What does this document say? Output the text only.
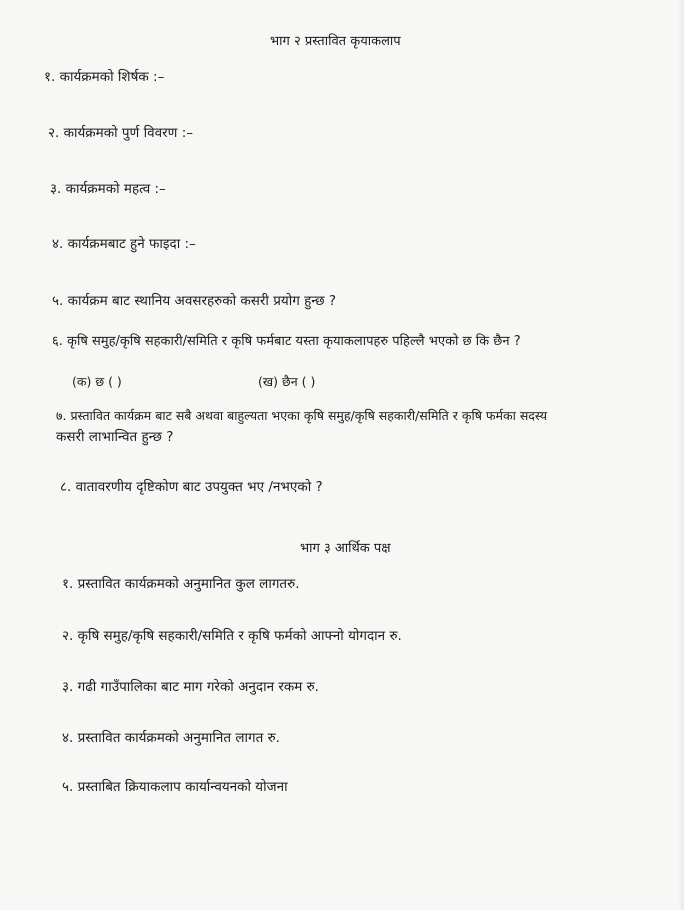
भाग २ प्रस्तावित कृयाकलाप
१. कार्यक्रमको शिर्षक :–
२. कार्यक्रमको पुर्ण विवरण :–
३. कार्यक्रमको महत्व :–
४. कार्यक्रमबाट हुने फाइदा :–
५. कार्यक्रम बाट स्थानिय अवसरहरुको कसरी प्रयोग हुन्छ ?
६. कृषि समुह/कृषि सहकारी/समिति र कृषि फर्मबाट यस्ता कृयाकलापहरु पहिल्लै भएको छ कि छैन ?
(क) छ ( )	(ख) छैन ( )
७. प्रस्तावित कार्यक्रम बाट सबै अथवा बाहुल्यता भएका कृषि समुह/कृषि सहकारी/समिति र कृषि फर्मका सदस्य
कसरी लाभान्वित हुन्छ ?
८. वातावरणीय दृष्टिकोण बाट उपयुक्त भए /नभएको ?
भाग ३ आर्थिक पक्ष
१. प्रस्तावित कार्यक्रमको अनुमानित कुल लागतरु.
२. कृषि समुह/कृषि सहकारी/समिति र कृषि फर्मको आफ्नो योगदान रु.
३. गढी गाउँपालिका बाट माग गरेको अनुदान रकम रु.
४. प्रस्तावित कार्यक्रमको अनुमानित लागत रु.
५. प्रस्ताबित क्रियाकलाप कार्यान्वयनको योजना
